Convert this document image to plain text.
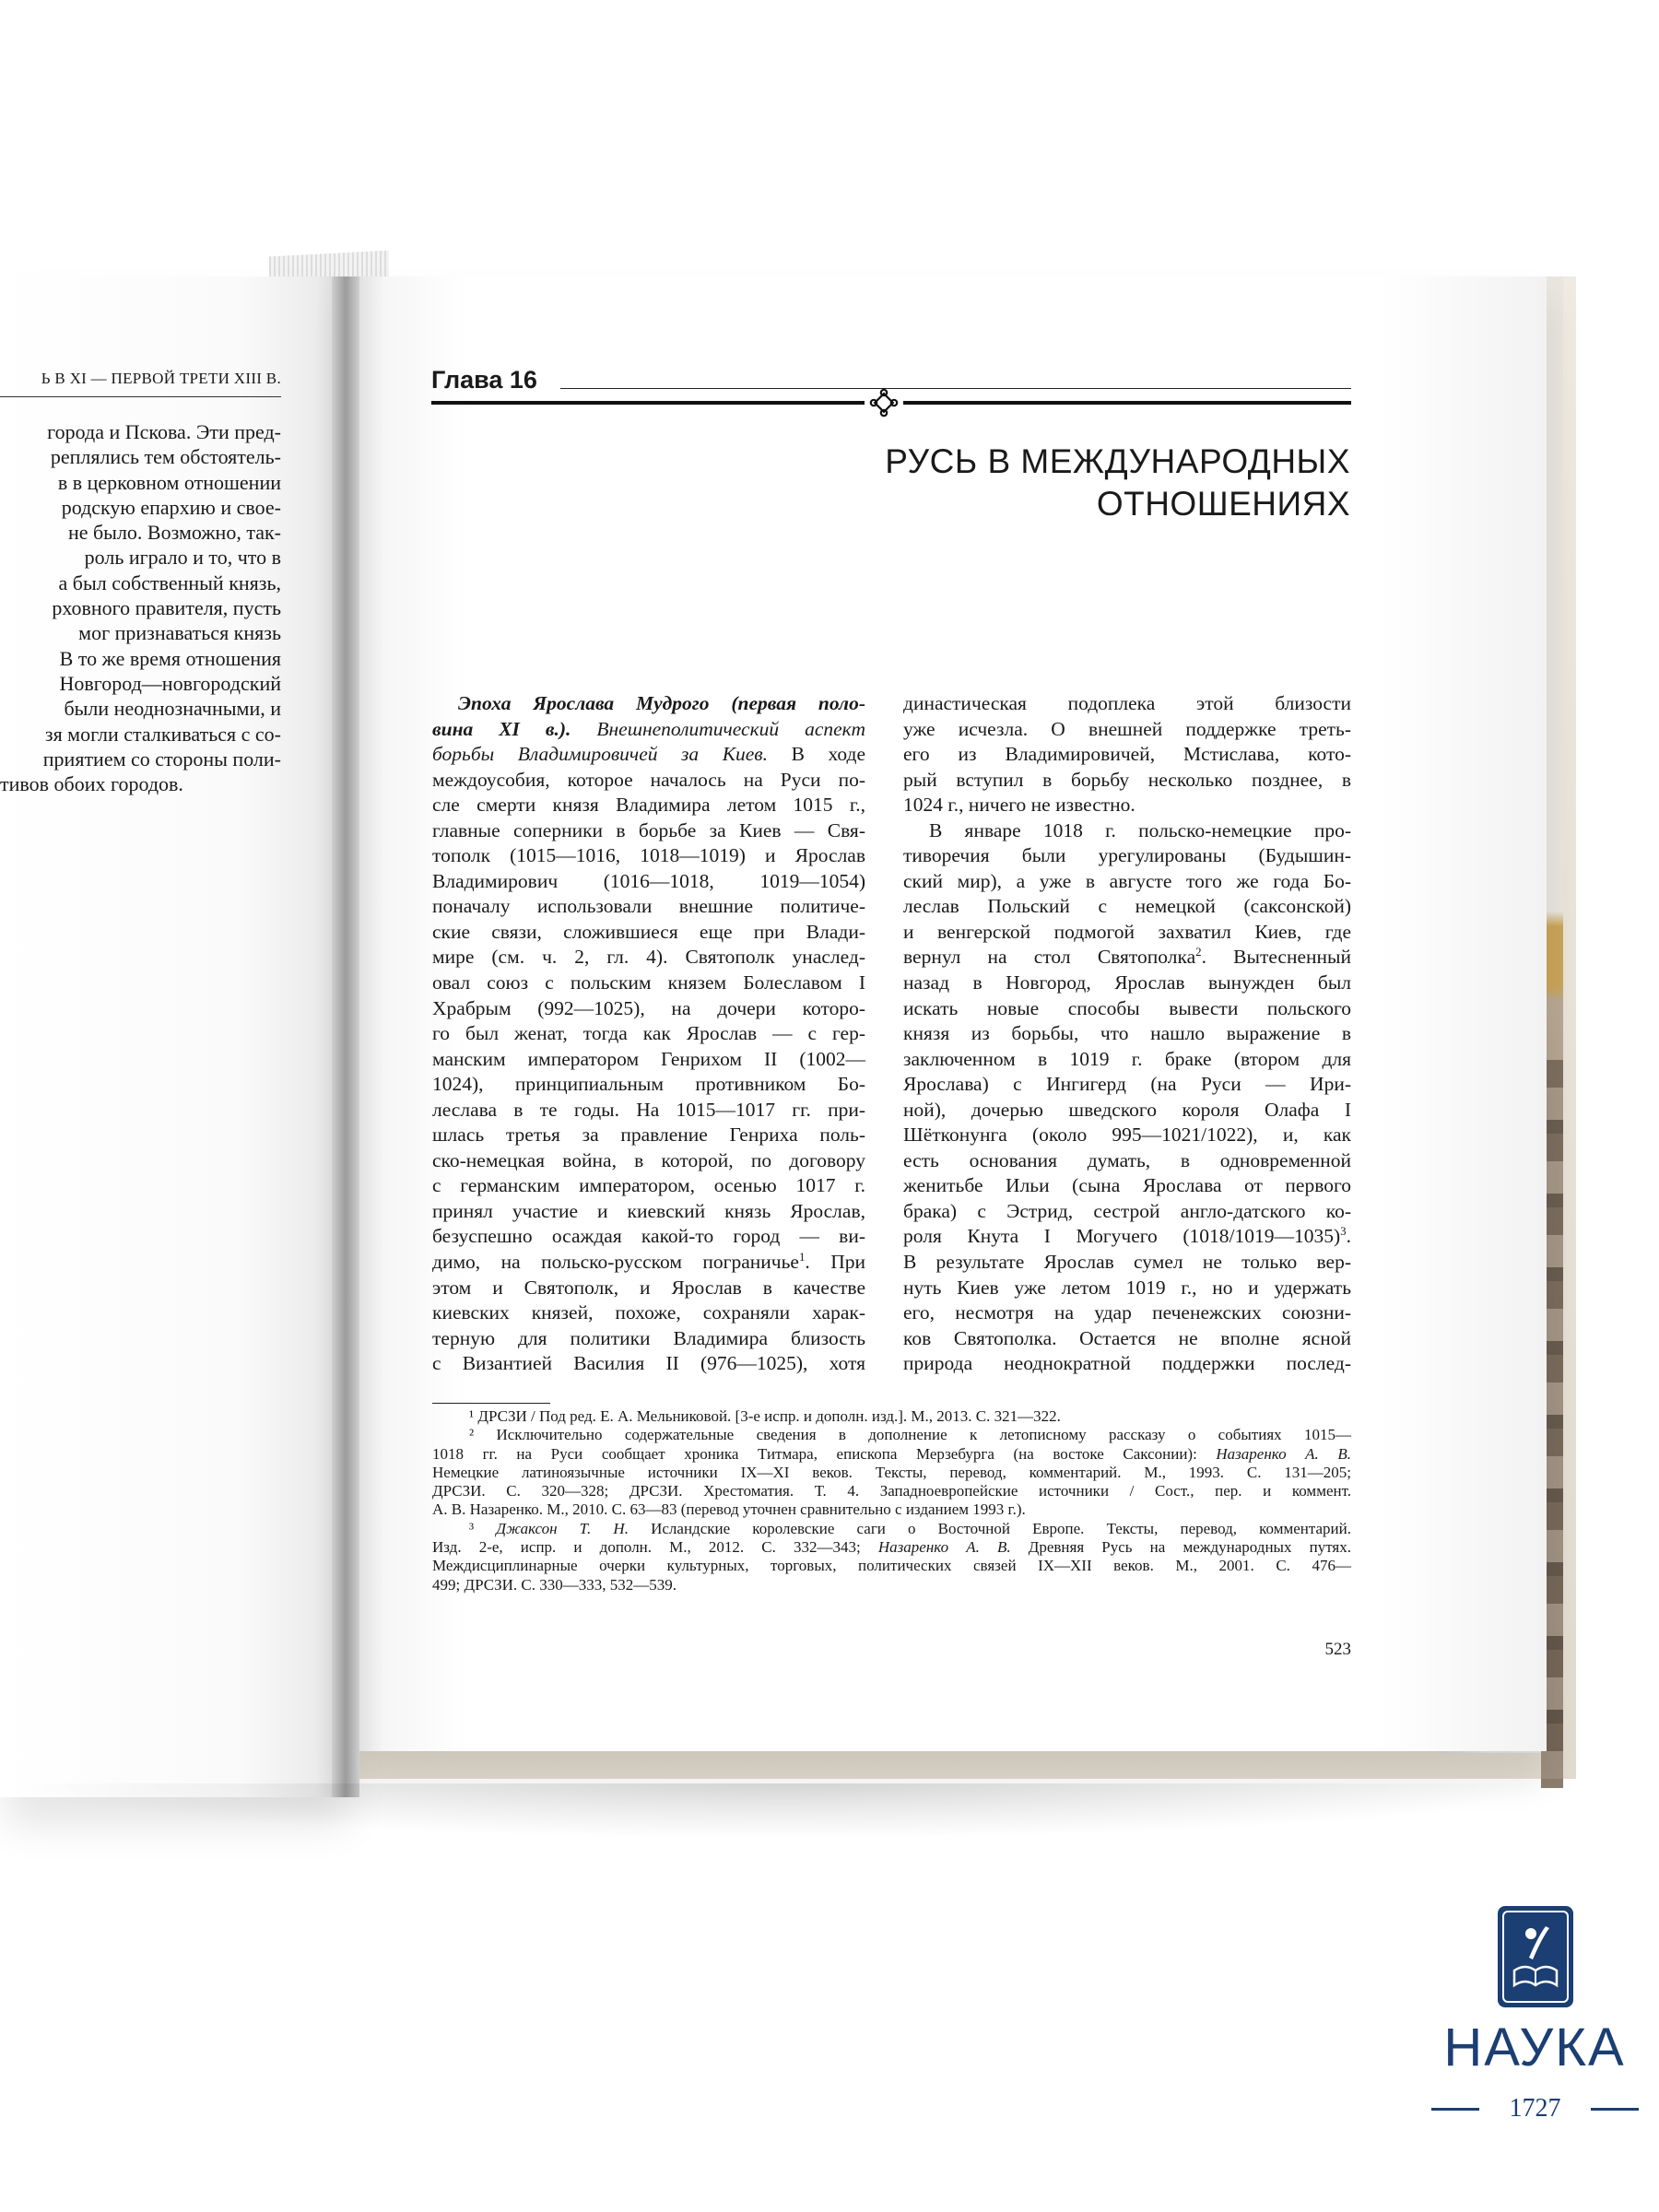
Ь В XI — ПЕРВОЙ ТРЕТИ XIII В.
города и Пскова. Эти пред-
реплялись тем обстоятель-
в в церковном отношении
родскую епархию и свое-
не было. Возможно, так-
роль играло и то, что в
а был собственный князь,
рховного правителя, пусть
мог признаваться князь
В то же время отношения
Новгород—новгородский
были неоднозначными, и
зя могли сталкиваться с со-
приятием со стороны поли-
тивов обоих городов.
Глава 16
РУСЬ В МЕЖДУНАРОДНЫХ
ОТНОШЕНИЯХ
Эпоха Ярослава Мудрого (первая поло-
вина XI в.). Внешнеполитический аспект
борьбы Владимировичей за Киев. В ходе
междоусобия, которое началось на Руси по-
сле смерти князя Владимира летом 1015 г.,
главные соперники в борьбе за Киев — Свя-
тополк (1015—1016, 1018—1019) и Ярослав
Владимирович (1016—1018, 1019—1054)
поначалу использовали внешние политиче-
ские связи, сложившиеся еще при Влади-
мире (см. ч. 2, гл. 4). Святополк унаслед-
овал союз с польским князем Болеславом I
Храбрым (992—1025), на дочери которо-
го был женат, тогда как Ярослав — с гер-
манским императором Генрихом II (1002—
1024), принципиальным противником Бо-
леслава в те годы. На 1015—1017 гг. при-
шлась третья за правление Генриха поль-
ско-немецкая война, в которой, по договору
с германским императором, осенью 1017 г.
принял участие и киевский князь Ярослав,
безуспешно осаждая какой-то город — ви-
димо, на польско-русском пограничье$^1$. При
этом и Святополк, и Ярослав в качестве
киевских князей, похоже, сохраняли харак-
терную для политики Владимира близость
с Византией Василия II (976—1025), хотя
династическая подоплека этой близости
уже исчезла. О внешней поддержке треть-
его из Владимировичей, Мстислава, кото-
рый вступил в борьбу несколько позднее, в
1024 г., ничего не известно.
В январе 1018 г. польско-немецкие про-
тиворечия были урегулированы (Будышин-
ский мир), а уже в августе того же года Бо-
леслав Польский с немецкой (саксонской)
и венгерской подмогой захватил Киев, где
вернул на стол Святополка$^2$. Вытесненный
назад в Новгород, Ярослав вынужден был
искать новые способы вывести польского
князя из борьбы, что нашло выражение в
заключенном в 1019 г. браке (втором для
Ярослава) с Ингигерд (на Руси — Ири-
ной), дочерью шведского короля Олафа I
Шётконунга (около 995—1021/1022), и, как
есть основания думать, в одновременной
женитьбе Ильи (сына Ярослава от первого
брака) с Эстрид, сестрой англо-датского ко-
роля Кнута I Могучего (1018/1019—1035)$^3$.
В результате Ярослав сумел не только вер-
нуть Киев уже летом 1019 г., но и удержать
его, несмотря на удар печенежских союзни-
ков Святополка. Остается не вполне ясной
природа неоднократной поддержки послед-
¹ ДРСЗИ / Под ред. Е. А. Мельниковой. [3-е испр. и дополн. изд.]. М., 2013. С. 321—322.
² Исключительно содержательные сведения в дополнение к летописному рассказу о событиях 1015—
1018 гг. на Руси сообщает хроника Титмара, епископа Мерзебурга (на востоке Саксонии): Назаренко А. В.
Немецкие латиноязычные источники IX—XI веков. Тексты, перевод, комментарий. М., 1993. С. 131—205;
ДРСЗИ. С. 320—328; ДРСЗИ. Хрестоматия. Т. 4. Западноевропейские источники / Сост., пер. и коммент.
А. В. Назаренко. М., 2010. С. 63—83 (перевод уточнен сравнительно с изданием 1993 г.).
³ Джаксон Т. Н. Исландские королевские саги о Восточной Европе. Тексты, перевод, комментарий.
Изд. 2-е, испр. и дополн. М., 2012. С. 332—343; Назаренко А. В. Древняя Русь на международных путях.
Междисциплинарные очерки культурных, торговых, политических связей IX—XII веков. М., 2001. С. 476—
499; ДРСЗИ. С. 330—333, 532—539.
523
НАУКА
1727
